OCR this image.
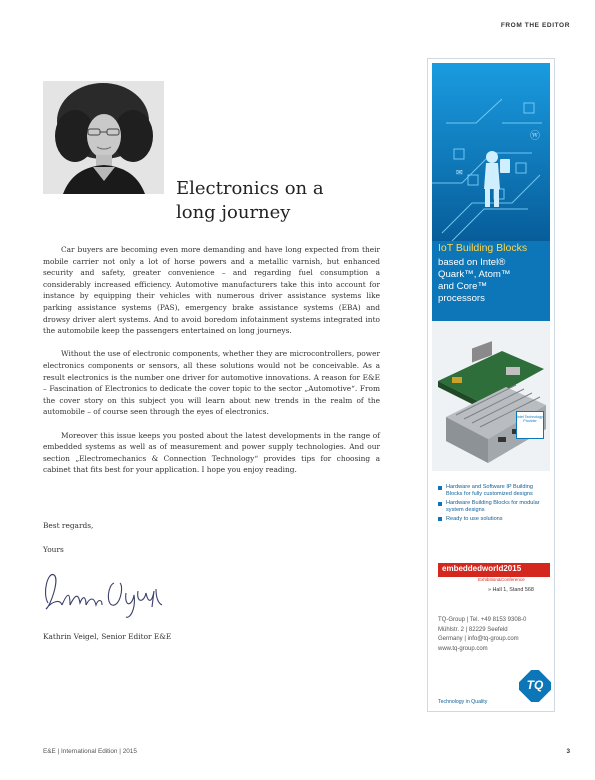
FROM THE EDITOR
Electronics on a
long journey

Car buyers are becoming even more demanding and have long expected from their mobile carrier not only a lot of horse powers and a metallic varnish, but enhanced security and safety, greater convenience – and regarding fuel consumption a considerably increased efficiency. Automotive manufacturers take this into account for instance by equipping their vehicles with numerous driver assistance systems like parking assistance systems (PAS), emergency brake assistance systems (EBA) and drowsy driver alert systems. And to avoid boredom infotainment systems integrated into the automobile keep the passengers entertained on long journeys.

Without the use of electronic components, whether they are microcontrollers, power electronics components or sensors, all these solutions would not be conceivable. As a result electronics is the number one driver for automotive innovations. A reason for E&E – Fascination of Electronics to dedicate the cover topic to the sector „Automotive“. From the cover story on this subject you will learn about new trends in the realm of the automobile – of course seen through the eyes of electronics.

Moreover this issue keeps you posted about the latest developments in the range of embedded systems as well as of measurement and power supply technologies. And our section „Electromechanics & Connection Technology“ provides tips for choosing a cabinet that fits best for your application. I hope you enjoy reading.

Best regards,
Yours
Kathrin Veigel, Senior Editor E&E
ⓦ
✉
IoT Building Blocks
based on Intel®
Quark™, Atom™
and Core™
processors
Intel Technology Provider
Hardware and Software IP Building Blocks for fully customized designs
Hardware Building Blocks for modular system designs
Ready to use solutions
embeddedworld2015
Exhibition&Conference
» Hall 1, Stand 568
TQ-Group | Tel. +49 8153 9308-0
Mühlstr. 2 | 82229 Seefeld
Germany | info@tq-group.com
www.tq-group.com
TQ
Technology in Quality
E&E | International Edition | 2015	3
